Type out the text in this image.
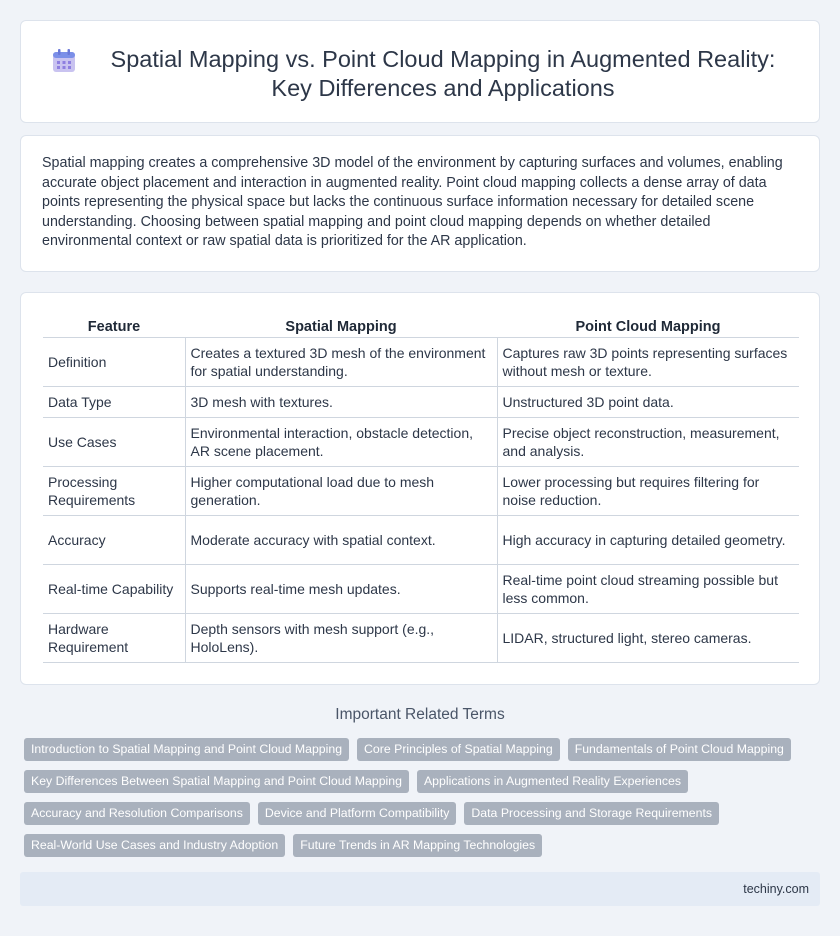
Spatial Mapping vs. Point Cloud Mapping in Augmented Reality: Key Differences and Applications

Spatial mapping creates a comprehensive 3D model of the environment by capturing surfaces and volumes, enabling accurate object placement and interaction in augmented reality. Point cloud mapping collects a dense array of data points representing the physical space but lacks the continuous surface information necessary for detailed scene understanding. Choosing between spatial mapping and point cloud mapping depends on whether detailed environmental context or raw spatial data is prioritized for the AR application.

Feature	Spatial Mapping	Point Cloud Mapping
Definition	Creates a textured 3D mesh of the environment for spatial understanding.	Captures raw 3D points representing surfaces without mesh or texture.
Data Type	3D mesh with textures.	Unstructured 3D point data.
Use Cases	Environmental interaction, obstacle detection, AR scene placement.	Precise object reconstruction, measurement, and analysis.
Processing Requirements	Higher computational load due to mesh generation.	Lower processing but requires filtering for noise reduction.
Accuracy	Moderate accuracy with spatial context.	High accuracy in capturing detailed geometry.
Real-time Capability	Supports real-time mesh updates.	Real-time point cloud streaming possible but less common.
Hardware Requirement	Depth sensors with mesh support (e.g., HoloLens).	LIDAR, structured light, stereo cameras.
Important Related Terms
Introduction to Spatial Mapping and Point Cloud Mapping	Core Principles of Spatial Mapping	Fundamentals of Point Cloud Mapping
Key Differences Between Spatial Mapping and Point Cloud Mapping	Applications in Augmented Reality Experiences
Accuracy and Resolution Comparisons	Device and Platform Compatibility	Data Processing and Storage Requirements
Real-World Use Cases and Industry Adoption	Future Trends in AR Mapping Technologies
techiny.com
